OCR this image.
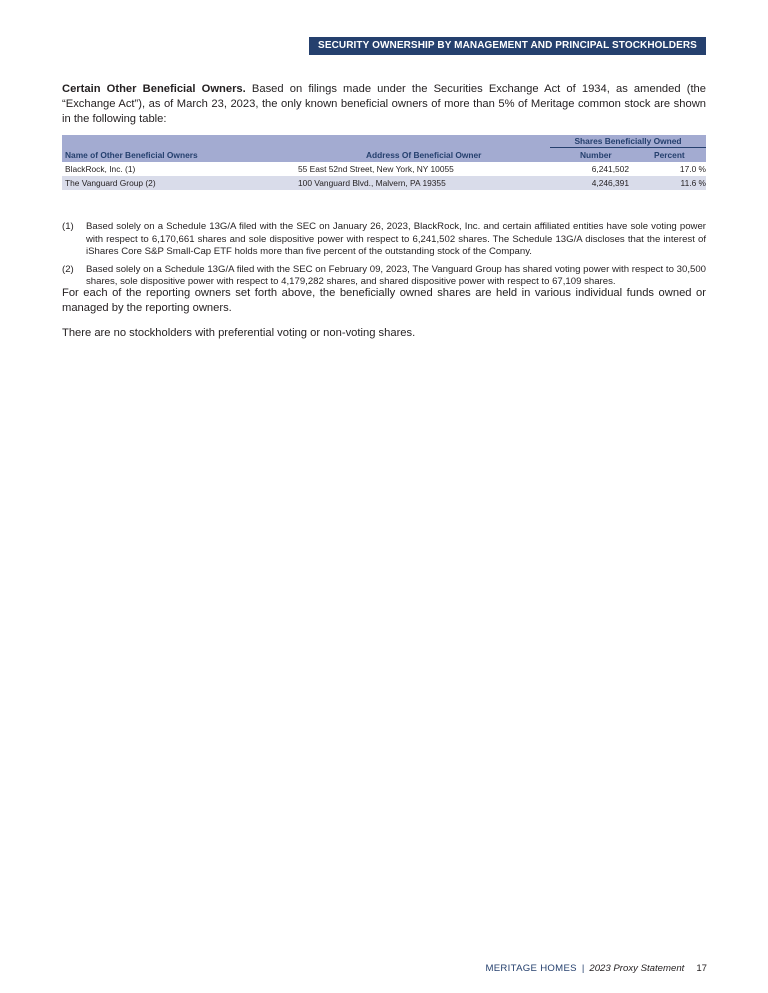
SECURITY OWNERSHIP BY MANAGEMENT AND PRINCIPAL STOCKHOLDERS

Certain Other Beneficial Owners. Based on filings made under the Securities Exchange Act of 1934, as amended (the “Exchange Act”), as of March 23, 2023, the only known beneficial owners of more than 5% of Meritage common stock are shown in the following table:

Shares Beneficially Owned
Name of Other Beneficial Owners	Address Of Beneficial Owner	Number	Percent
BlackRock, Inc. (1)	55 East 52nd Street, New York, NY 10055	6,241,502	17.0 %
The Vanguard Group (2)	100 Vanguard Blvd., Malvern, PA 19355	4,246,391	11.6 %
(1) Based solely on a Schedule 13G/A filed with the SEC on January 26, 2023, BlackRock, Inc. and certain affiliated entities have sole voting power with respect to 6,170,661 shares and sole dispositive power with respect to 6,241,502 shares. The Schedule 13G/A discloses that the interest of iShares Core S&P Small-Cap ETF holds more than five percent of the outstanding stock of the Company.
(2) Based solely on a Schedule 13G/A filed with the SEC on February 09, 2023, The Vanguard Group has shared voting power with respect to 30,500 shares, sole dispositive power with respect to 4,179,282 shares, and shared dispositive power with respect to 67,109 shares.

For each of the reporting owners set forth above, the beneficially owned shares are held in various individual funds owned or managed by the reporting owners.

There are no stockholders with preferential voting or non-voting shares.

MERITAGE HOMES | 2023 Proxy Statement 17
